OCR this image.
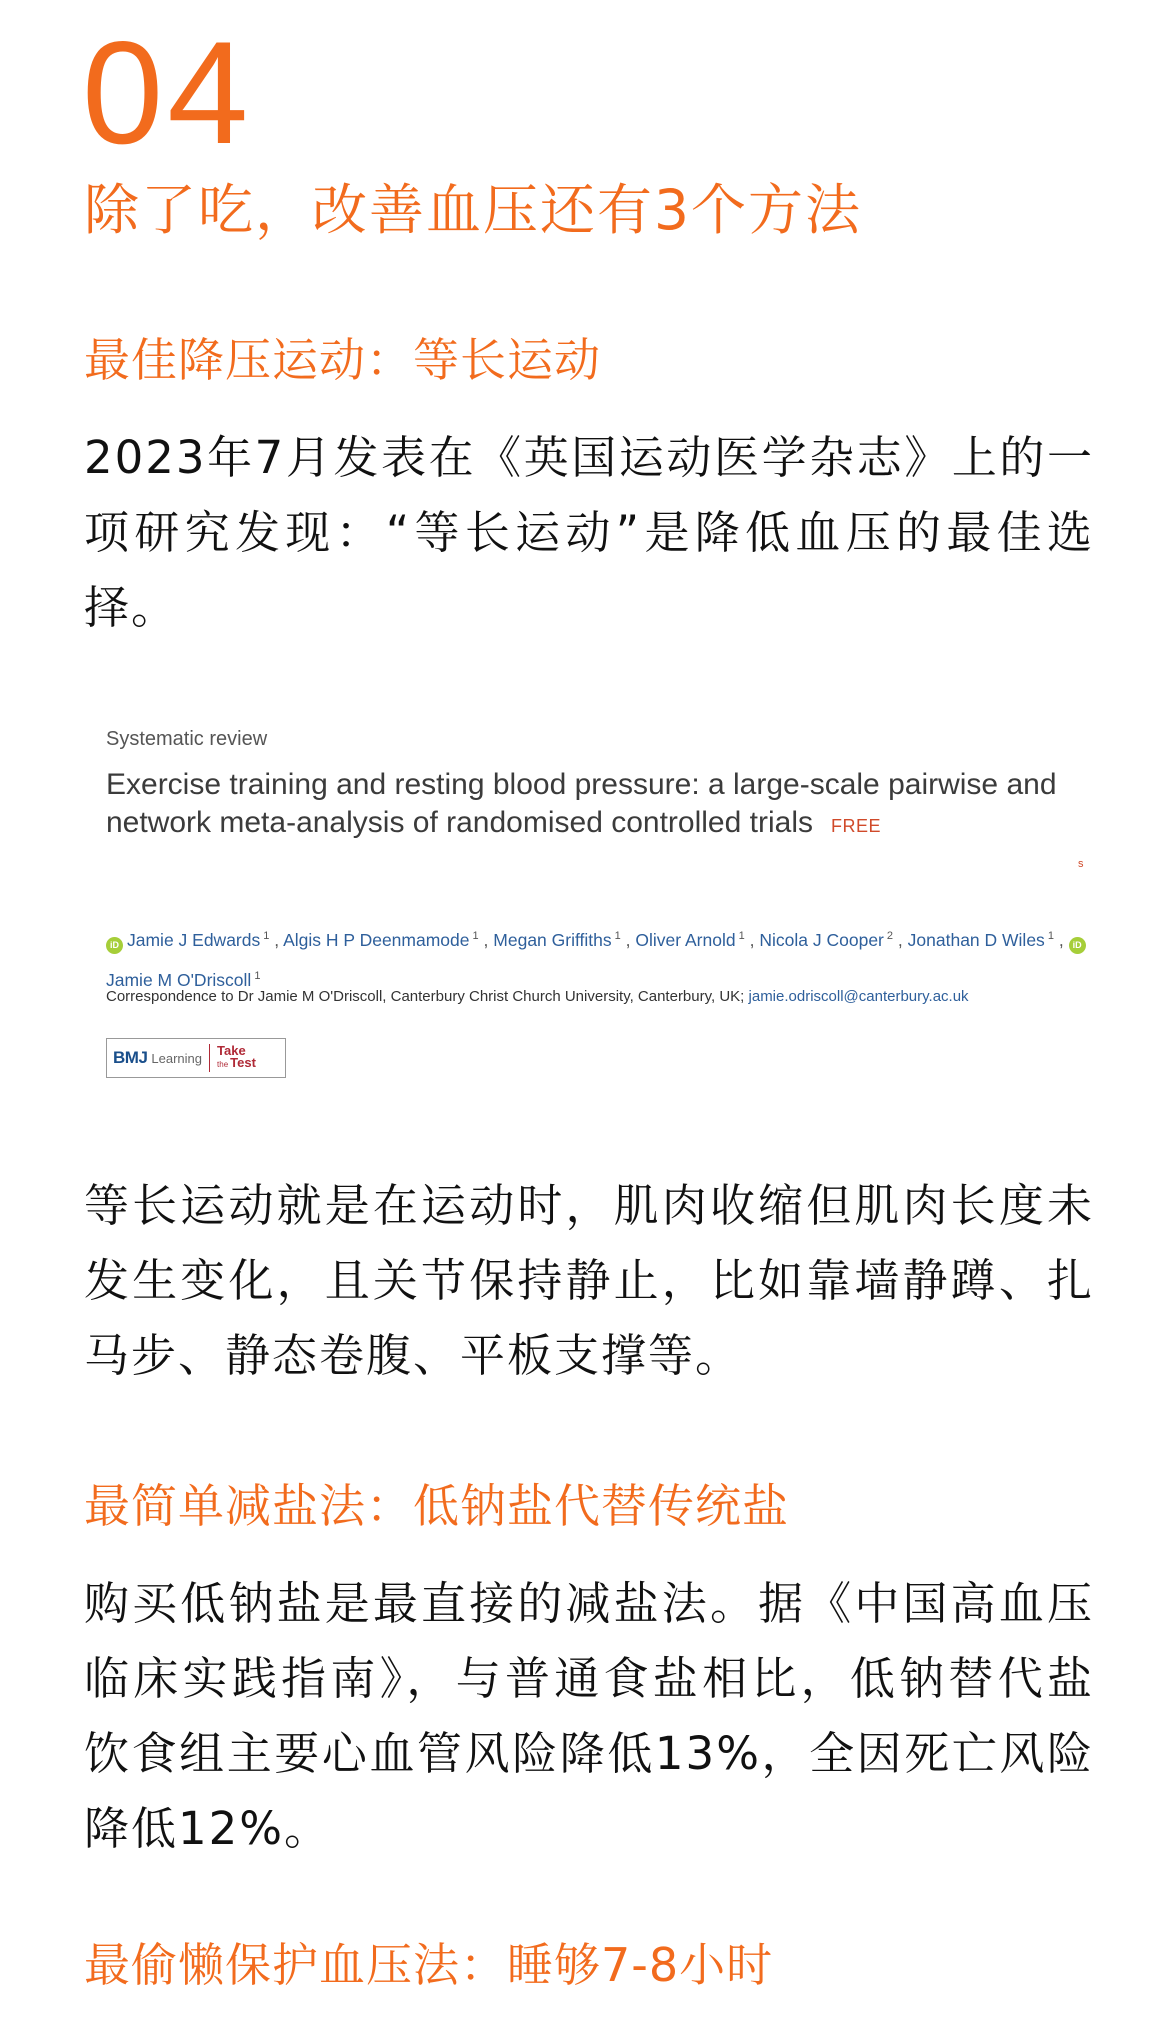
04
除了吃，改善血压还有3个方法
最佳降压运动：等长运动
2023年7月发表在《英国运动医学杂志》上的一项研究发现：“等长运动”是降低血压的最佳选择。
Systematic review
Exercise training and resting blood pressure: a large-scale pairwise and network meta-analysis of randomised controlled trials FREE
s
iD Jamie J Edwards $^1$ , Algis H P Deenmamode $^1$ , Megan Griffiths $^1$ , Oliver Arnold $^1$ , Nicola J Cooper $^2$ , Jonathan D Wiles $^1$ , iDJamie M O'Driscoll $^1$
Correspondence to Dr Jamie M O'Driscoll, Canterbury Christ Church University, Canterbury, UK; jamie.odriscoll@canterbury.ac.uk
BMJ Learning Take
the Test
等长运动就是在运动时，肌肉收缩但肌肉长度未发生变化，且关节保持静止，比如靠墙静蹲、扎马步、静态卷腹、平板支撑等。
最简单减盐法：低钠盐代替传统盐
购买低钠盐是最直接的减盐法。据《中国高血压临床实践指南》，与普通食盐相比，低钠替代盐饮食组主要心血管风险降低13%，全因死亡风险降低12%。
最偷懒保护血压法：睡够7-8小时
